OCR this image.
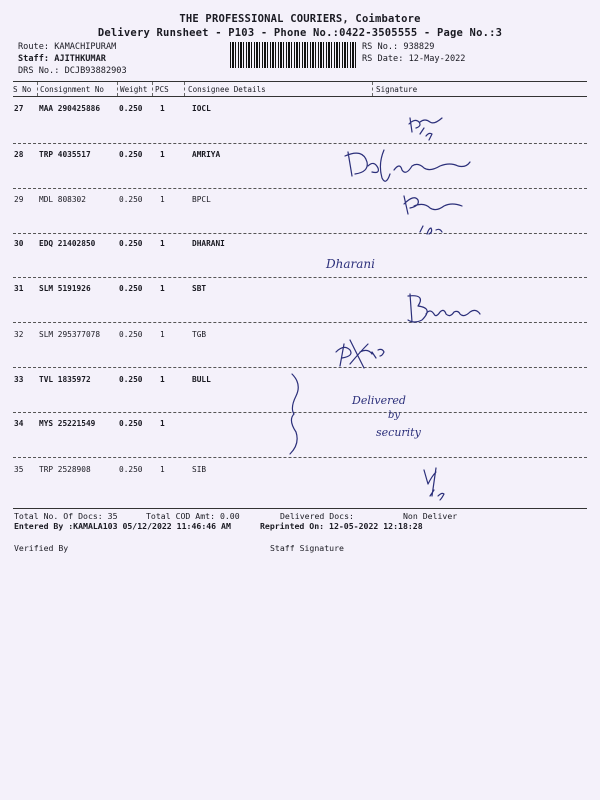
THE PROFESSIONAL COURIERS, Coimbatore
Delivery Runsheet - P103 - Phone No.:0422-3505555 - Page No.:3
Route: KAMACHIPURAM
Staff: AJITHKUMAR
DRS No.: DCJB93882903
RS No.: 938829
RS Date: 12-May-2022
S No Consignment No Weight PCS	Consignee Details	Signature
27 MAA 290425886 0.250 1	IOCL
28 TRP 4035517	0.250 1	AMRIYA
29 MDL 808302	0.250 1	BPCL
30 EDQ 21402850	0.250 1	DHARANI
31 SLM 5191926	0.250 1	SBT
32 SLM 295377078 0.250 1	TGB
33 TVL 1835972	0.250 1	BULL
34 MYS 25221549	0.250 1
35 TRP 2528908	0.250 1	SIB
Total No. Of Docs: 35	Total COD Amt: 0.00	Delivered Docs:	Non Deliver
Entered By :KAMALA103 05/12/2022 11:46:46 AM	Reprinted On: 12-05-2022 12:18:28
Verified By	Staff Signature
Dharani
Delivered
by
security
